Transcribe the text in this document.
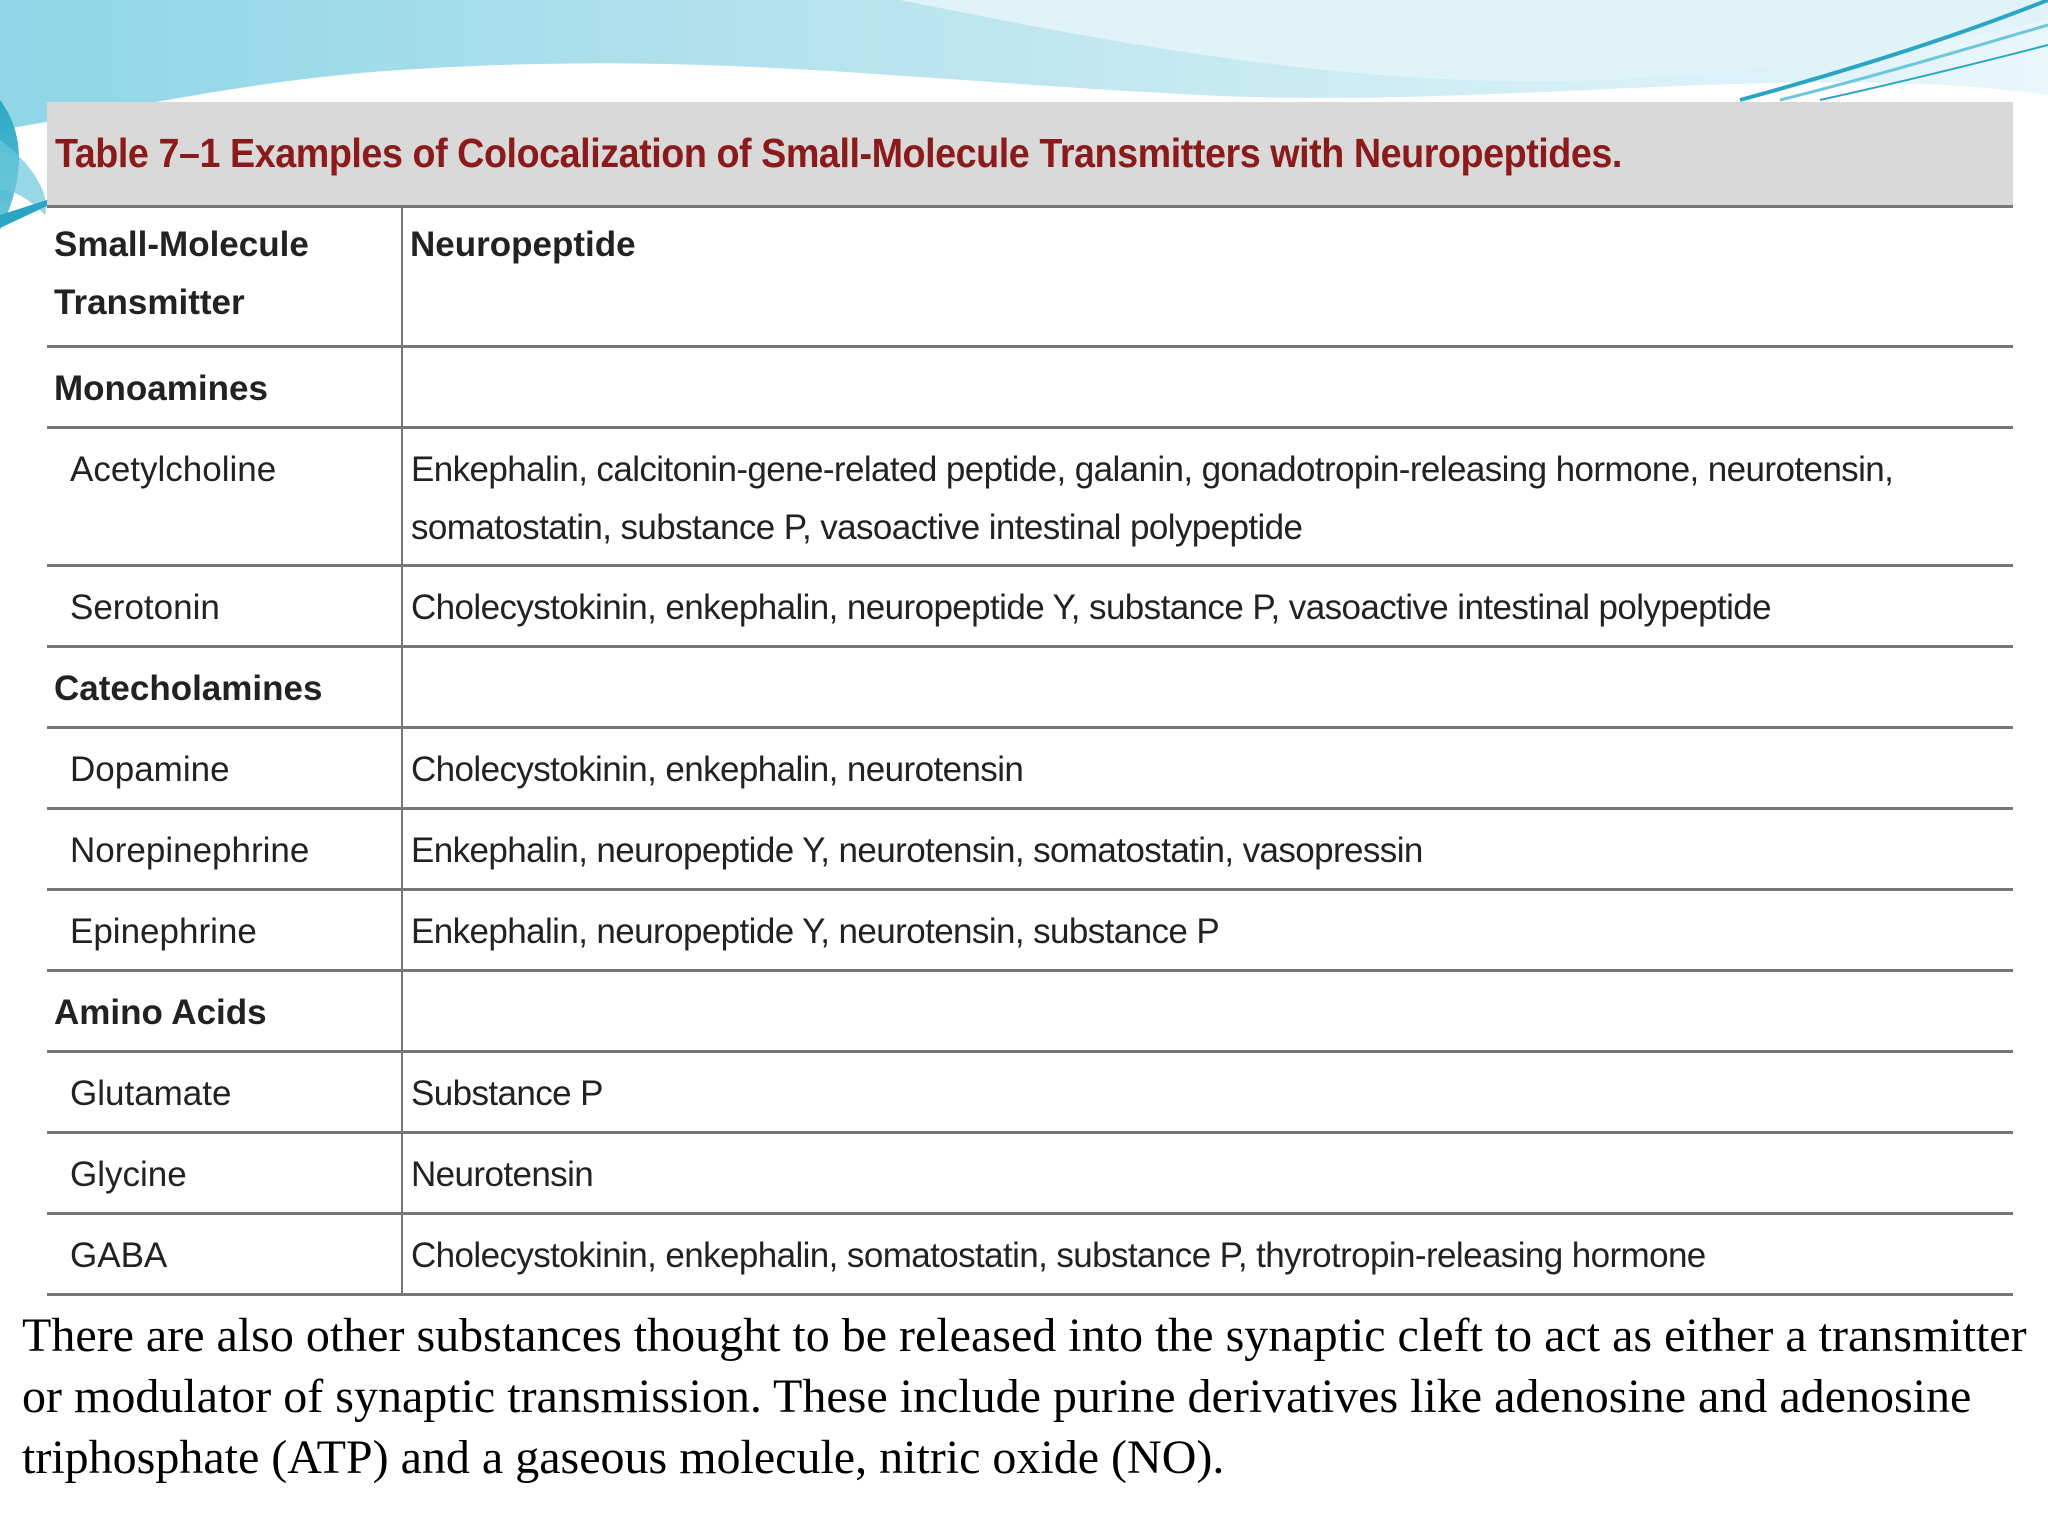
Table 7–1 Examples of Colocalization of Small-Molecule Transmitters with Neuropeptides.
Small-Molecule Transmitter	Neuropeptide

Monoamines	

Acetylcholine	Enkephalin, calcitonin-gene-related peptide, galanin, gonadotropin-releasing hormone, neurotensin, somatostatin, substance P, vasoactive intestinal polypeptide

Serotonin	Cholecystokinin, enkephalin, neuropeptide Y, substance P, vasoactive intestinal polypeptide

Catecholamines	

Dopamine	Cholecystokinin, enkephalin, neurotensin

Norepinephrine	Enkephalin, neuropeptide Y, neurotensin, somatostatin, vasopressin

Epinephrine	Enkephalin, neuropeptide Y, neurotensin, substance P

Amino Acids	

Glutamate	Substance P

Glycine	Neurotensin

GABA	Cholecystokinin, enkephalin, somatostatin, substance P, thyrotropin-releasing hormone

There are also other substances thought to be released into the synaptic cleft to act as either a transmitter or modulator of synaptic transmission. These include purine derivatives like adenosine and adenosine triphosphate (ATP) and a gaseous molecule, nitric oxide (NO).
